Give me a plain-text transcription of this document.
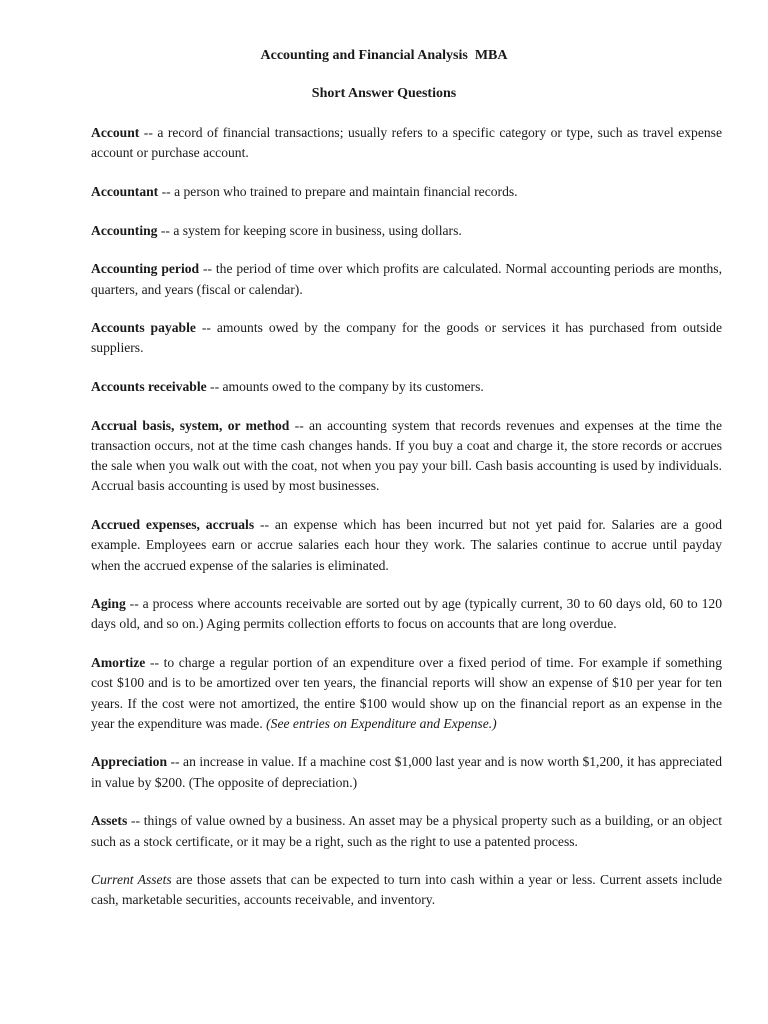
Accounting and Financial Analysis  MBA
Short Answer Questions

Account -- a record of financial transactions; usually refers to a specific category or type, such as travel expense account or purchase account.

Accountant -- a person who trained to prepare and maintain financial records.

Accounting -- a system for keeping score in business, using dollars.

Accounting period -- the period of time over which profits are calculated. Normal accounting periods are months, quarters, and years (fiscal or calendar).

Accounts payable -- amounts owed by the company for the goods or services it has purchased from outside suppliers.

Accounts receivable -- amounts owed to the company by its customers.

Accrual basis, system, or method -- an accounting system that records revenues and expenses at the time the transaction occurs, not at the time cash changes hands. If you buy a coat and charge it, the store records or accrues the sale when you walk out with the coat, not when you pay your bill. Cash basis accounting is used by individuals. Accrual basis accounting is used by most businesses.

Accrued expenses, accruals -- an expense which has been incurred but not yet paid for. Salaries are a good example. Employees earn or accrue salaries each hour they work. The salaries continue to accrue until payday when the accrued expense of the salaries is eliminated.

Aging -- a process where accounts receivable are sorted out by age (typically current, 30 to 60 days old, 60 to 120 days old, and so on.) Aging permits collection efforts to focus on accounts that are long overdue.

Amortize -- to charge a regular portion of an expenditure over a fixed period of time. For example if something cost $100 and is to be amortized over ten years, the financial reports will show an expense of $10 per year for ten years. If the cost were not amortized, the entire $100 would show up on the financial report as an expense in the year the expenditure was made. (See entries on Expenditure and Expense.)

Appreciation -- an increase in value. If a machine cost $1,000 last year and is now worth $1,200, it has appreciated in value by $200. (The opposite of depreciation.)

Assets -- things of value owned by a business. An asset may be a physical property such as a building, or an object such as a stock certificate, or it may be a right, such as the right to use a patented process.

Current Assets are those assets that can be expected to turn into cash within a year or less. Current assets include cash, marketable securities, accounts receivable, and inventory.
